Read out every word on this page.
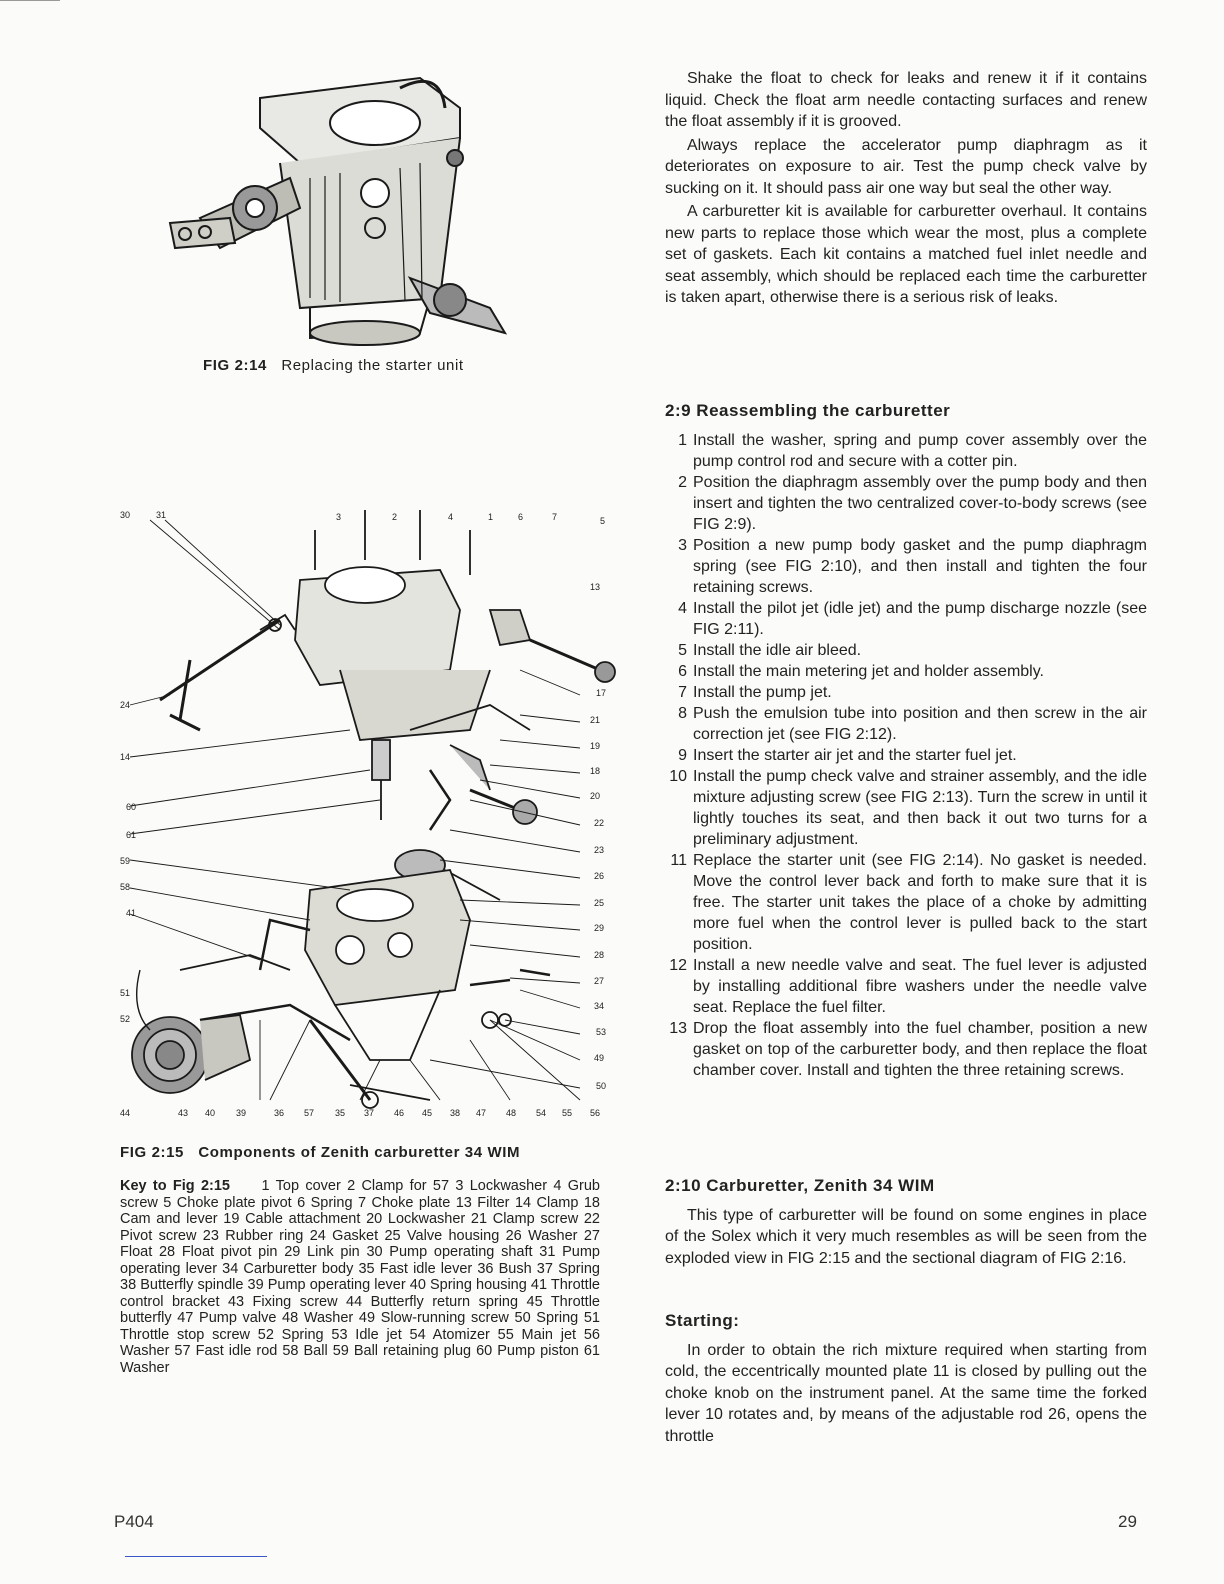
FIG 2:14 Replacing the starter unit
30	31
24
14
60
61
59
58
41
51
52
44
3	2	4	1	6	7	5
13
17
21
19
18
20
22
23
26
25
29
28
27
34
53
49
50
43 40 39	36 57 35 37 46 45 38 47 48 54 55 56
FIG 2:15 Components of Zenith carburetter 34 WIM
Key to Fig 2:15 1 Top cover 2 Clamp for 57 3 Lockwasher 4 Grub screw 5 Choke plate pivot 6 Spring 7 Choke plate 13 Filter 14 Clamp 18 Cam and lever 19 Cable attachment 20 Lockwasher 21 Clamp screw 22 Pivot screw 23 Rubber ring 24 Gasket 25 Valve housing 26 Washer 27 Float 28 Float pivot pin 29 Link pin 30 Pump operating shaft 31 Pump operating lever 34 Carburetter body 35 Fast idle lever 36 Bush 37 Spring 38 Butterfly spindle 39 Pump operating lever 40 Spring housing 41 Throttle control bracket 43 Fixing screw 44 Butterfly return spring 45 Throttle butterfly 47 Pump valve 48 Washer 49 Slow-running screw 50 Spring 51 Throttle stop screw 52 Spring 53 Idle jet 54 Atomizer 55 Main jet 56 Washer 57 Fast idle rod 58 Ball 59 Ball retaining plug 60 Pump piston 61 Washer

Shake the float to check for leaks and renew it if it contains liquid. Check the float arm needle contacting surfaces and renew the float assembly if it is grooved.

Always replace the accelerator pump diaphragm as it deteriorates on exposure to air. Test the pump check valve by sucking on it. It should pass air one way but seal the other way.

A carburetter kit is available for carburetter overhaul. It contains new parts to replace those which wear the most, plus a complete set of gaskets. Each kit contains a matched fuel inlet needle and seat assembly, which should be replaced each time the carburetter is taken apart, otherwise there is a serious risk of leaks.

2:9 Reassembling the carburetter
1 Install the washer, spring and pump cover assembly over the pump control rod and secure with a cotter pin.
2 Position the diaphragm assembly over the pump body and then insert and tighten the two centralized cover-to-body screws (see FIG 2:9).
3 Position a new pump body gasket and the pump diaphragm spring (see FIG 2:10), and then install and tighten the four retaining screws.
4 Install the pilot jet (idle jet) and the pump discharge nozzle (see FIG 2:11).
5 Install the idle air bleed.
6 Install the main metering jet and holder assembly.
7 Install the pump jet.
8 Push the emulsion tube into position and then screw in the air correction jet (see FIG 2:12).
9 Insert the starter air jet and the starter fuel jet.
10 Install the pump check valve and strainer assembly, and the idle mixture adjusting screw (see FIG 2:13). Turn the screw in until it lightly touches its seat, and then back it out two turns for a preliminary adjustment.
11 Replace the starter unit (see FIG 2:14). No gasket is needed. Move the control lever back and forth to make sure that it is free. The starter unit takes the place of a choke by admitting more fuel when the control lever is pulled back to the start position.
12 Install a new needle valve and seat. The fuel lever is adjusted by installing additional fibre washers under the needle valve seat. Replace the fuel filter.
13 Drop the float assembly into the fuel chamber, position a new gasket on top of the carburetter body, and then replace the float chamber cover. Install and tighten the three retaining screws.
2:10 Carburetter, Zenith 34 WIM

This type of carburetter will be found on some engines in place of the Solex which it very much resembles as will be seen from the exploded view in FIG 2:15 and the sectional diagram of FIG 2:16.

Starting:

In order to obtain the rich mixture required when starting from cold, the eccentrically mounted plate 11 is closed by pulling out the choke knob on the instrument panel. At the same time the forked lever 10 rotates and, by means of the adjustable rod 26, opens the throttle

P404	29
